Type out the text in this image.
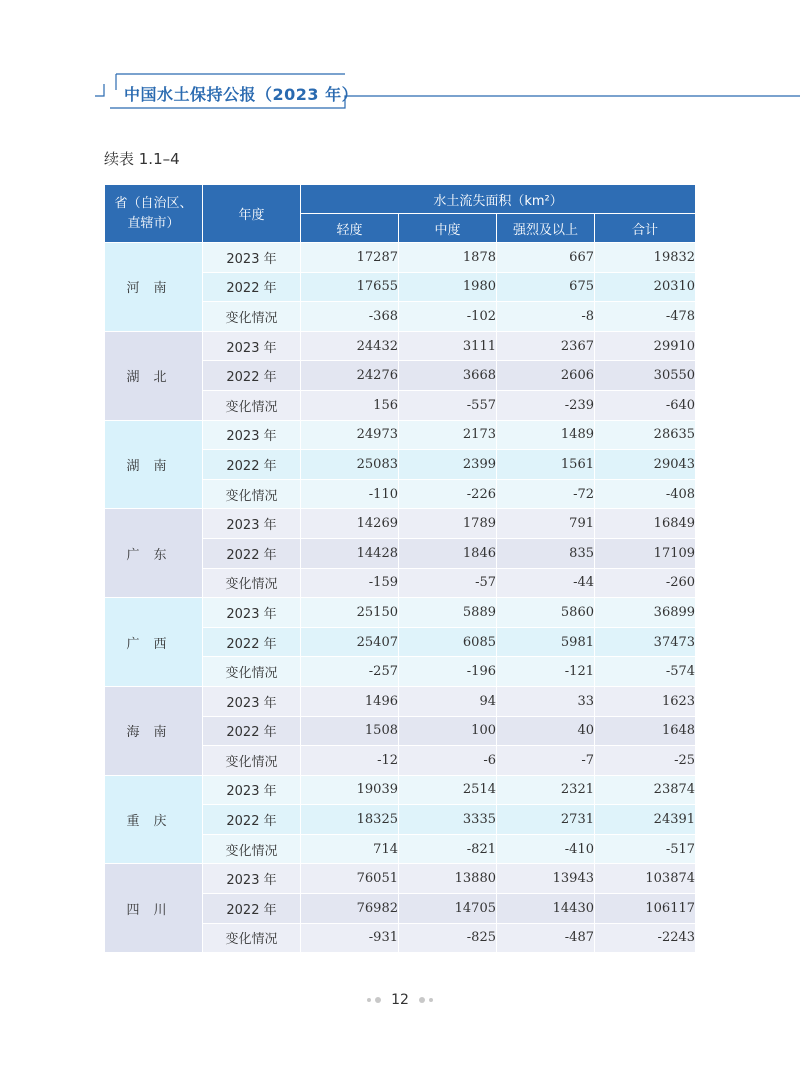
中国水土保持公报（2023 年）
续表 1.1–4
省（自治区、直辖市）	年度	水土流失面积（km²）			
		轻度	中度	强烈及以上	合计
河南	2023 年	17287	1878	667	19832
	2022 年	17655	1980	675	20310
	变化情况	-368	-102	-8	-478
湖北	2023 年	24432	3111	2367	29910
	2022 年	24276	3668	2606	30550
	变化情况	156	-557	-239	-640
湖南	2023 年	24973	2173	1489	28635
	2022 年	25083	2399	1561	29043
	变化情况	-110	-226	-72	-408
广东	2023 年	14269	1789	791	16849
	2022 年	14428	1846	835	17109
	变化情况	-159	-57	-44	-260
广西	2023 年	25150	5889	5860	36899
	2022 年	25407	6085	5981	37473
	变化情况	-257	-196	-121	-574
海南	2023 年	1496	94	33	1623
	2022 年	1508	100	40	1648
	变化情况	-12	-6	-7	-25
重庆	2023 年	19039	2514	2321	23874
	2022 年	18325	3335	2731	24391
	变化情况	714	-821	-410	-517
四川	2023 年	76051	13880	13943	103874
	2022 年	76982	14705	14430	106117
	变化情况	-931	-825	-487	-2243
12
